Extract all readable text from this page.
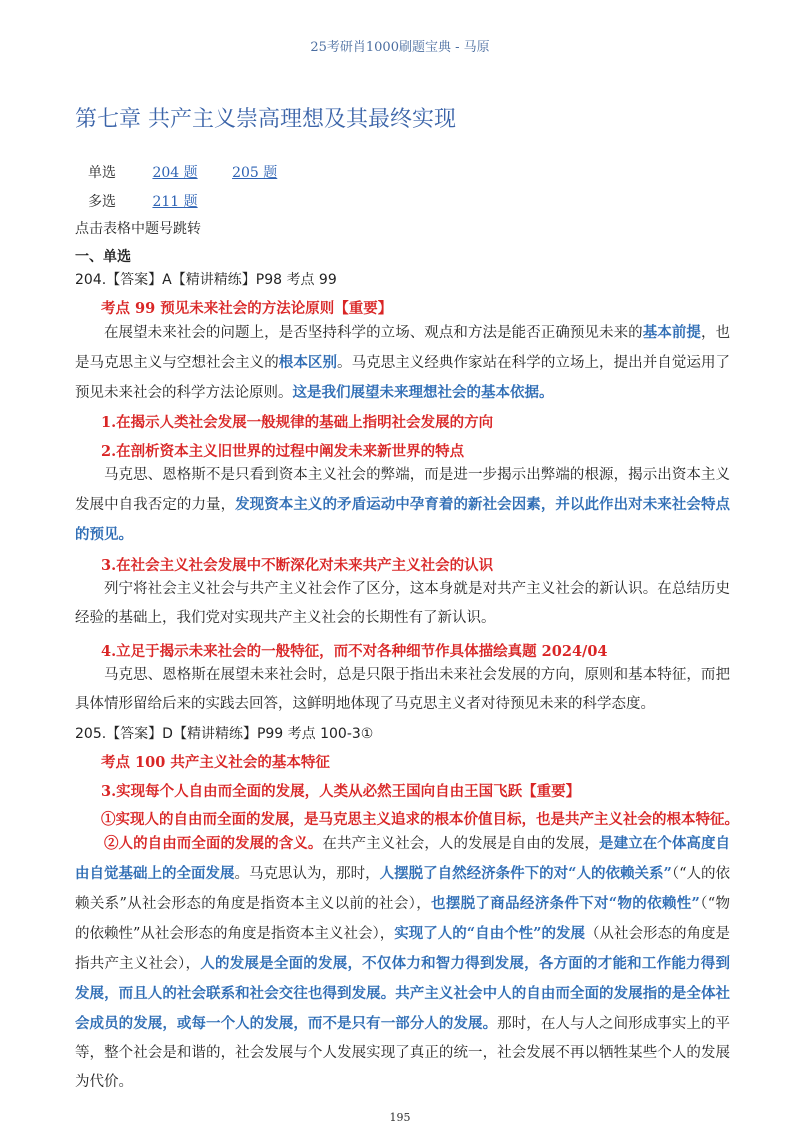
25考研肖1000刷题宝典 - 马原
第七章 共产主义崇高理想及其最终实现
单选	204 题 205 题
多选	211 题
点击表格中题号跳转
一、单选
204.【答案】A【精讲精练】P98 考点 99
考点 99 预见未来社会的方法论原则【重要】

在展望未来社会的问题上，是否坚持科学的立场、观点和方法是能否正确预见未来的基本前提，也是马克思主义与空想社会主义的根本区别。马克思主义经典作家站在科学的立场上，提出并自觉运用了预见未来社会的科学方法论原则。这是我们展望未来理想社会的基本依据。

1.在揭示人类社会发展一般规律的基础上指明社会发展的方向
2.在剖析资本主义旧世界的过程中阐发未来新世界的特点

马克思、恩格斯不是只看到资本主义社会的弊端，而是进一步揭示出弊端的根源，揭示出资本主义发展中自我否定的力量，发现资本主义的矛盾运动中孕育着的新社会因素，并以此作出对未来社会特点的预见。

3.在社会主义社会发展中不断深化对未来共产主义社会的认识

列宁将社会主义社会与共产主义社会作了区分，这本身就是对共产主义社会的新认识。在总结历史经验的基础上，我们党对实现共产主义社会的长期性有了新认识。

4.立足于揭示未来社会的一般特征，而不对各种细节作具体描绘真题 2024/04

马克思、恩格斯在展望未来社会时，总是只限于指出未来社会发展的方向，原则和基本特征，而把具体情形留给后来的实践去回答，这鲜明地体现了马克思主义者对待预见未来的科学态度。

205.【答案】D【精讲精练】P99 考点 100-3①
考点 100 共产主义社会的基本特征
3.实现每个人自由而全面的发展，人类从必然王国向自由王国飞跃【重要】
①实现人的自由而全面的发展，是马克思主义追求的根本价值目标，也是共产主义社会的根本特征。

②人的自由而全面的发展的含义。在共产主义社会，人的发展是自由的发展，是建立在个体高度自由自觉基础上的全面发展。马克思认为，那时，人摆脱了自然经济条件下的对“人的依赖关系”（“人的依赖关系”从社会形态的角度是指资本主义以前的社会），也摆脱了商品经济条件下对“物的依赖性”（“物的依赖性”从社会形态的角度是指资本主义社会），实现了人的“自由个性”的发展（从社会形态的角度是指共产主义社会），人的发展是全面的发展，不仅体力和智力得到发展，各方面的才能和工作能力得到发展，而且人的社会联系和社会交往也得到发展。共产主义社会中人的自由而全面的发展指的是全体社会成员的发展，或每一个人的发展，而不是只有一部分人的发展。那时，在人与人之间形成事实上的平等，整个社会是和谐的，社会发展与个人发展实现了真正的统一，社会发展不再以牺牲某些个人的发展为代价。

195
